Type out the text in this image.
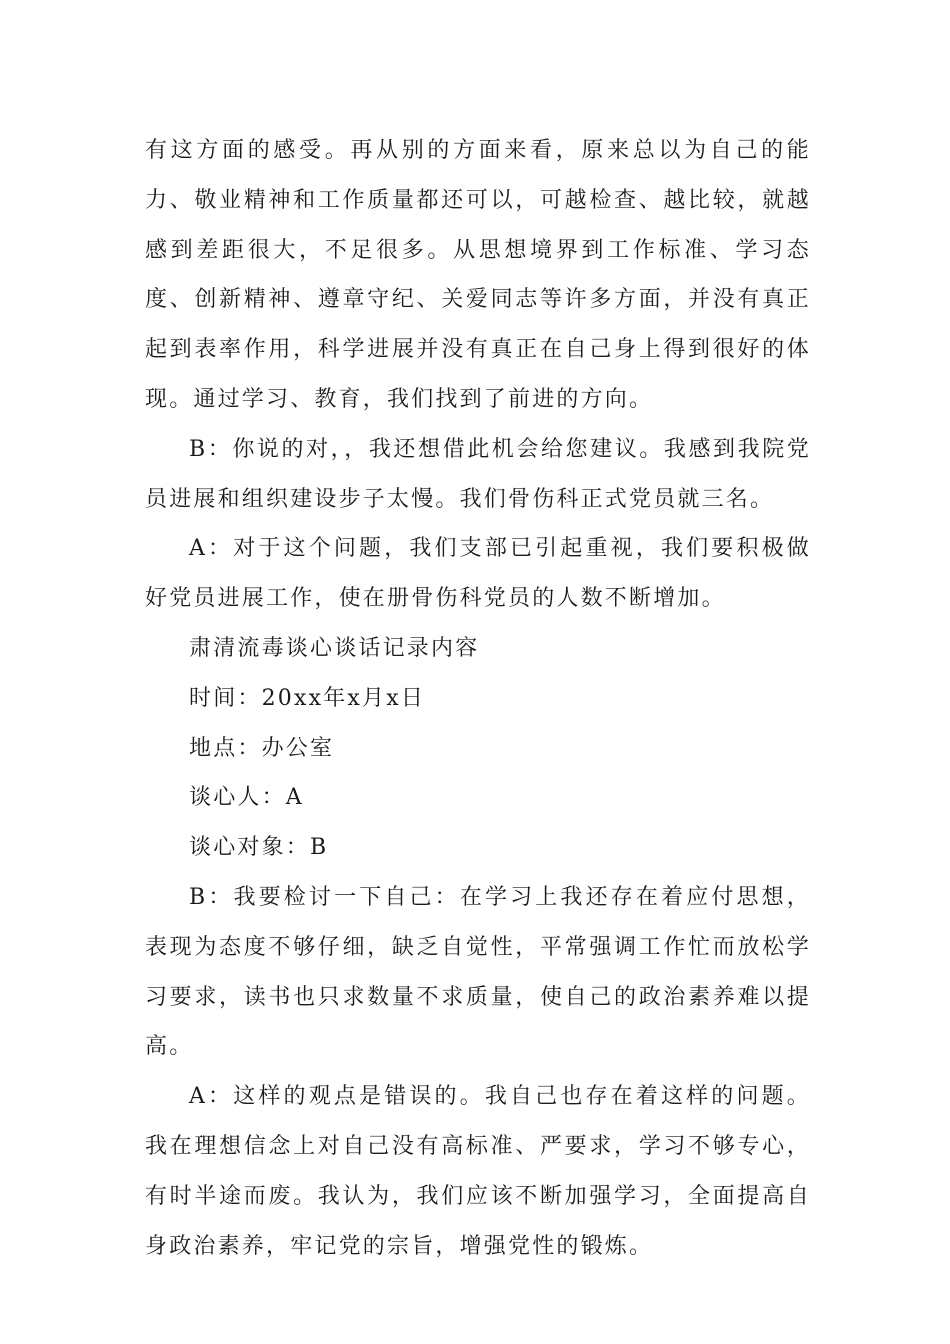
有这方面的感受。再从别的方面来看，原来总以为自己的能力、敬业精神和工作质量都还可以，可越检查、越比较，就越感到差距很大，不足很多。从思想境界到工作标准、学习态度、创新精神、遵章守纪、关爱同志等许多方面，并没有真正起到表率作用，科学进展并没有真正在自己身上得到很好的体现。通过学习、教育，我们找到了前进的方向。

B：你说的对，，我还想借此机会给您建议。我感到我院党员进展和组织建设步子太慢。我们骨伤科正式党员就三名。

A：对于这个问题，我们支部已引起重视，我们要积极做好党员进展工作，使在册骨伤科党员的人数不断增加。

肃清流毒谈心谈话记录内容

时间：20xx年x月x日

地点：办公室

谈心人：A

谈心对象：B

B：我要检讨一下自己：在学习上我还存在着应付思想，表现为态度不够仔细，缺乏自觉性，平常强调工作忙而放松学习要求，读书也只求数量不求质量，使自己的政治素养难以提高。

A：这样的观点是错误的。我自己也存在着这样的问题。我在理想信念上对自己没有高标准、严要求，学习不够专心，有时半途而废。我认为，我们应该不断加强学习，全面提高自身政治素养，牢记党的宗旨，增强党性的锻炼。
